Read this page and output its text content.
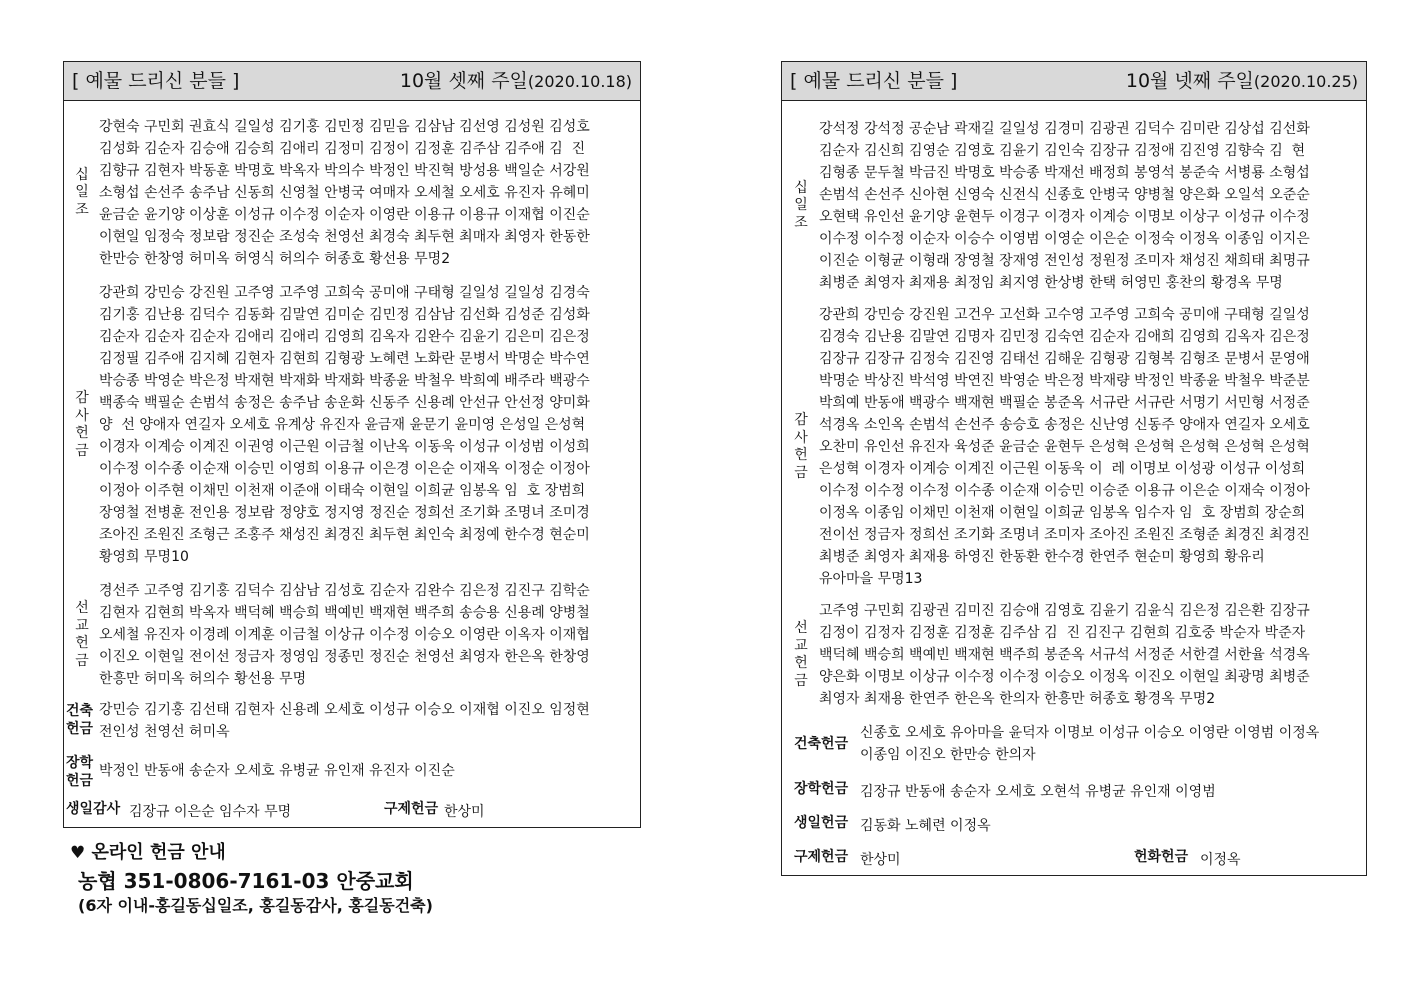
[ 예물 드리신 분들 ]	10월 셋째 주일(2020.10.18)
십
일
조
강현숙 구민회 권효식 길일성 김기홍 김민정 김믿음 김삼남 김선영 김성원 김성호
김성화 김순자 김승애 김승희 김애리 김정미 김정이 김정훈 김주삼 김주애 김  진
김향규 김현자 박동훈 박명호 박옥자 박의수 박정인 박진혁 방성용 백일순 서강원
소형섭 손선주 송주남 신동희 신영철 안병국 여매자 오세철 오세호 유진자 유혜미
윤금순 윤기양 이상훈 이성규 이수정 이순자 이영란 이용규 이용규 이재협 이진순
이현일 임정숙 정보람 정진순 조성숙 천영선 최경숙 최두현 최매자 최영자 한동한
한만승 한창영 허미옥 허영식 허의수 허종호 황선용 무명2
감
사
헌
금
강관희 강민승 강진원 고주영 고주영 고희숙 공미애 구태형 길일성 길일성 김경숙
김기홍 김난용 김덕수 김동화 김말연 김미순 김민정 김삼남 김선화 김성준 김성화
김순자 김순자 김순자 김애리 김애리 김영희 김옥자 김완수 김윤기 김은미 김은정
김정필 김주애 김지혜 김현자 김현희 김형광 노혜련 노화란 문병서 박명순 박수연
박승종 박영순 박은정 박재현 박재화 박재화 박종윤 박철우 박희예 배주라 백광수
백종숙 백필순 손범석 송정은 송주남 송운화 신동주 신용례 안선규 안선정 양미화
양  선 양애자 연길자 오세호 유계상 유진자 윤금재 윤문기 윤미영 은성일 은성혁
이경자 이계승 이계진 이권영 이근원 이금철 이난옥 이동욱 이성규 이성범 이성희
이수정 이수종 이순재 이승민 이영희 이용규 이은경 이은순 이재옥 이정순 이정아
이정아 이주현 이채민 이천재 이준애 이태숙 이현일 이희균 임봉옥 임  호 장범희
장영철 전병훈 전인용 정보람 정양호 정지영 정진순 정희선 조기화 조명녀 조미경
조아진 조원진 조형근 조홍주 채성진 최경진 최두현 최인숙 최정예 한수경 현순미
황영희 무명10
선
교
헌
금
경선주 고주영 김기홍 김덕수 김삼남 김성호 김순자 김완수 김은정 김진구 김학순
김현자 김현희 박옥자 백덕혜 백승희 백예빈 백재현 백주희 송승용 신용례 양병철
오세철 유진자 이경례 이계훈 이금철 이상규 이수정 이승오 이영란 이옥자 이재협
이진오 이현일 전이선 정금자 정영임 정종민 정진순 천영선 최영자 한은옥 한창영
한흥만 허미옥 허의수 황선용 무명
건축
헌금
강민승 김기홍 김선태 김현자 신용례 오세호 이성규 이승오 이재협 이진오 임정현
전인성 천영선 허미옥
장학
헌금
박정인 반동애 송순자 오세호 유병균 유인재 유진자 이진순
생일감사 김장규 이은순 임수자 무명	구제헌금 한상미
♥ 온라인 헌금 안내
농협 351-0806-7161-03 안중교회
(6자 이내-홍길동십일조, 홍길동감사, 홍길동건축)
[ 예물 드리신 분들 ]	10월 넷째 주일(2020.10.25)
십
일
조
강석정 강석정 공순남 곽재길 길일성 김경미 김광권 김덕수 김미란 김상섭 김선화
김순자 김신희 김영순 김영호 김윤기 김인숙 김장규 김정애 김진영 김향숙 김  현
김형종 문두철 박금진 박명호 박승종 박재선 배정희 봉영석 봉준숙 서병룡 소형섭
손범석 손선주 신아현 신영숙 신전식 신종호 안병국 양병철 양은화 오일석 오준순
오현택 유인선 윤기양 윤현두 이경구 이경자 이계승 이명보 이상구 이성규 이수정
이수정 이수정 이순자 이승수 이영범 이영순 이은순 이정숙 이정옥 이종임 이지은
이진순 이형균 이형래 장영철 장재영 전인성 정원정 조미자 채성진 채희태 최명규
최병준 최영자 최재용 최정임 최지영 한상병 한택 허영민 홍찬의 황경옥 무명
감
사
헌
금
강관희 강민승 강진원 고건우 고선화 고수영 고주영 고희숙 공미애 구태형 길일성
김경숙 김난용 김말연 김명자 김민정 김숙연 김순자 김애희 김영희 김옥자 김은정
김장규 김장규 김정숙 김진영 김태선 김해운 김형광 김형복 김형조 문병서 문영애
박명순 박상진 박석영 박연진 박영순 박은정 박재량 박정인 박종윤 박철우 박준분
박희예 반동애 백광수 백재현 백필순 봉준옥 서규란 서규란 서명기 서민형 서정준
석경옥 소인옥 손범석 손선주 송승호 송정은 신난영 신동주 양애자 연길자 오세호
오찬미 유인선 유진자 육성준 윤금순 윤현두 은성혁 은성혁 은성혁 은성혁 은성혁
은성혁 이경자 이계승 이계진 이근원 이동욱 이  레 이명보 이성광 이성규 이성희
이수정 이수정 이수정 이수종 이순재 이승민 이승준 이용규 이은순 이재숙 이정아
이정옥 이종임 이채민 이천재 이현일 이희균 임봉옥 임수자 임  호 장범희 장순희
전이선 정금자 정희선 조기화 조명녀 조미자 조아진 조원진 조형준 최경진 최경진
최병준 최영자 최재용 하영진 한동환 한수경 한연주 현순미 황영희 황유리
유아마을 무명13
선
교
헌
금
고주영 구민회 김광권 김미진 김승애 김영호 김윤기 김윤식 김은정 김은환 김장규
김정이 김정자 김정훈 김정훈 김주삼 김  진 김진구 김현희 김호중 박순자 박준자
백덕혜 백승희 백예빈 백재현 백주희 봉준옥 서규석 서정준 서한결 서한율 석경옥
양은화 이명보 이상규 이수정 이수정 이승오 이정옥 이진오 이현일 최광명 최병준
최영자 최재용 한연주 한은옥 한의자 한흥만 허종호 황경옥 무명2
건축헌금
신종호 오세호 유아마을 윤덕자 이명보 이성규 이승오 이영란 이영범 이정옥
이종임 이진오 한만승 한의자
장학헌금 김장규 반동애 송순자 오세호 오현석 유병균 유인재 이영범
생일헌금 김동화 노혜련 이정옥
구제헌금 한상미	헌화헌금 이정옥
